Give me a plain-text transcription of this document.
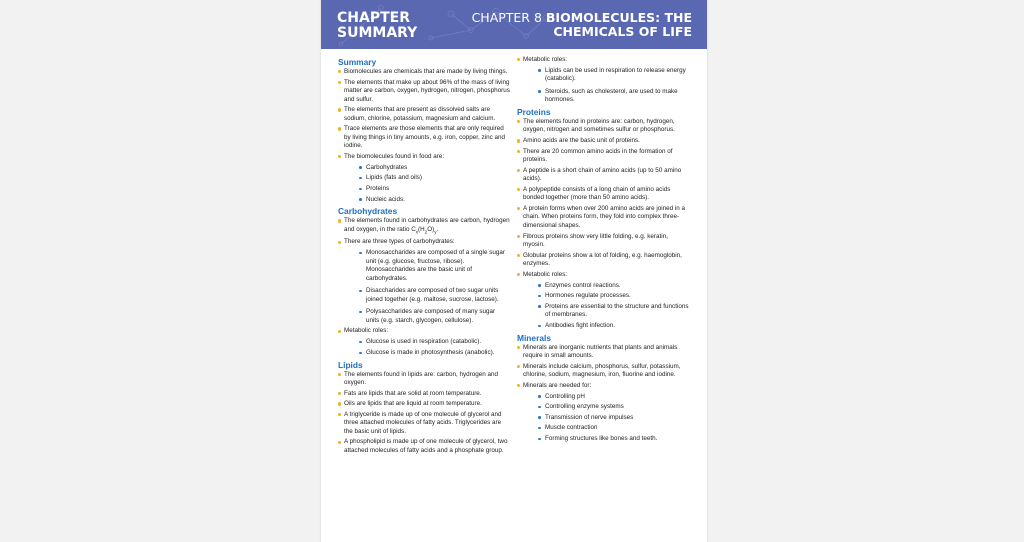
CHAPTER
SUMMARY
CHAPTER 8 BIOMOLECULES: THE
CHEMICALS OF LIFE
Summary
Biomolecules are chemicals that are made by living things.
The elements that make up about 96% of the mass of living matter are carbon, oxygen, hydrogen, nitrogen, phosphorus and sulfur.
The elements that are present as dissolved salts are sodium, chlorine, potassium, magnesium and calcium.
Trace elements are those elements that are only required by living things in tiny amounts, e.g. iron, copper, zinc and iodine.
The biomolecules found in food are:
Carbohydrates
Lipids (fats and oils)
Proteins
Nucleic acids.
Carbohydrates
The elements found in carbohydrates are carbon, hydrogen and oxygen, in the ratio $C_x(H_2O)_y$.
There are three types of carbohydrates:
Monosaccharides are composed of a single sugar unit (e.g. glucose, fructose, ribose). Monosaccharides are the basic unit of carbohydrates.
Disaccharides are composed of two sugar units joined together (e.g. maltose, sucrose, lactose).
Polysaccharides are composed of many sugar units (e.g. starch, glycogen, cellulose).
Metabolic roles:
Glucose is used in respiration (catabolic).
Glucose is made in photosynthesis (anabolic).
Lipids
The elements found in lipids are: carbon, hydrogen and oxygen.
Fats are lipids that are solid at room temperature.
Oils are lipids that are liquid at room temperature.
A triglyceride is made up of one molecule of glycerol and three attached molecules of fatty acids. Triglycerides are the basic unit of lipids.
A phospholipid is made up of one molecule of glycerol, two attached molecules of fatty acids and a phosphate group.
Metabolic roles:
Lipids can be used in respiration to release energy (catabolic).
Steroids, such as cholesterol, are used to make hormones.
Proteins
The elements found in proteins are: carbon, hydrogen, oxygen, nitrogen and sometimes sulfur or phosphorus.
Amino acids are the basic unit of proteins.
There are 20 common amino acids in the formation of proteins.
A peptide is a short chain of amino acids (up to 50 amino acids).
A polypeptide consists of a long chain of amino acids bonded together (more than 50 amino acids).
A protein forms when over 200 amino acids are joined in a chain. When proteins form, they fold into complex three-dimensional shapes.
Fibrous proteins show very little folding, e.g. keratin, myosin.
Globular proteins show a lot of folding, e.g. haemoglobin, enzymes.
Metabolic roles:
Enzymes control reactions.
Hormones regulate processes.
Proteins are essential to the structure and functions of membranes.
Antibodies fight infection.
Minerals
Minerals are inorganic nutrients that plants and animals require in small amounts.
Minerals include calcium, phosphorus, sulfur, potassium, chlorine, sodium, magnesium, iron, fluorine and iodine.
Minerals are needed for:
Controlling pH
Controlling enzyme systems
Transmission of nerve impulses
Muscle contraction
Forming structures like bones and teeth.
